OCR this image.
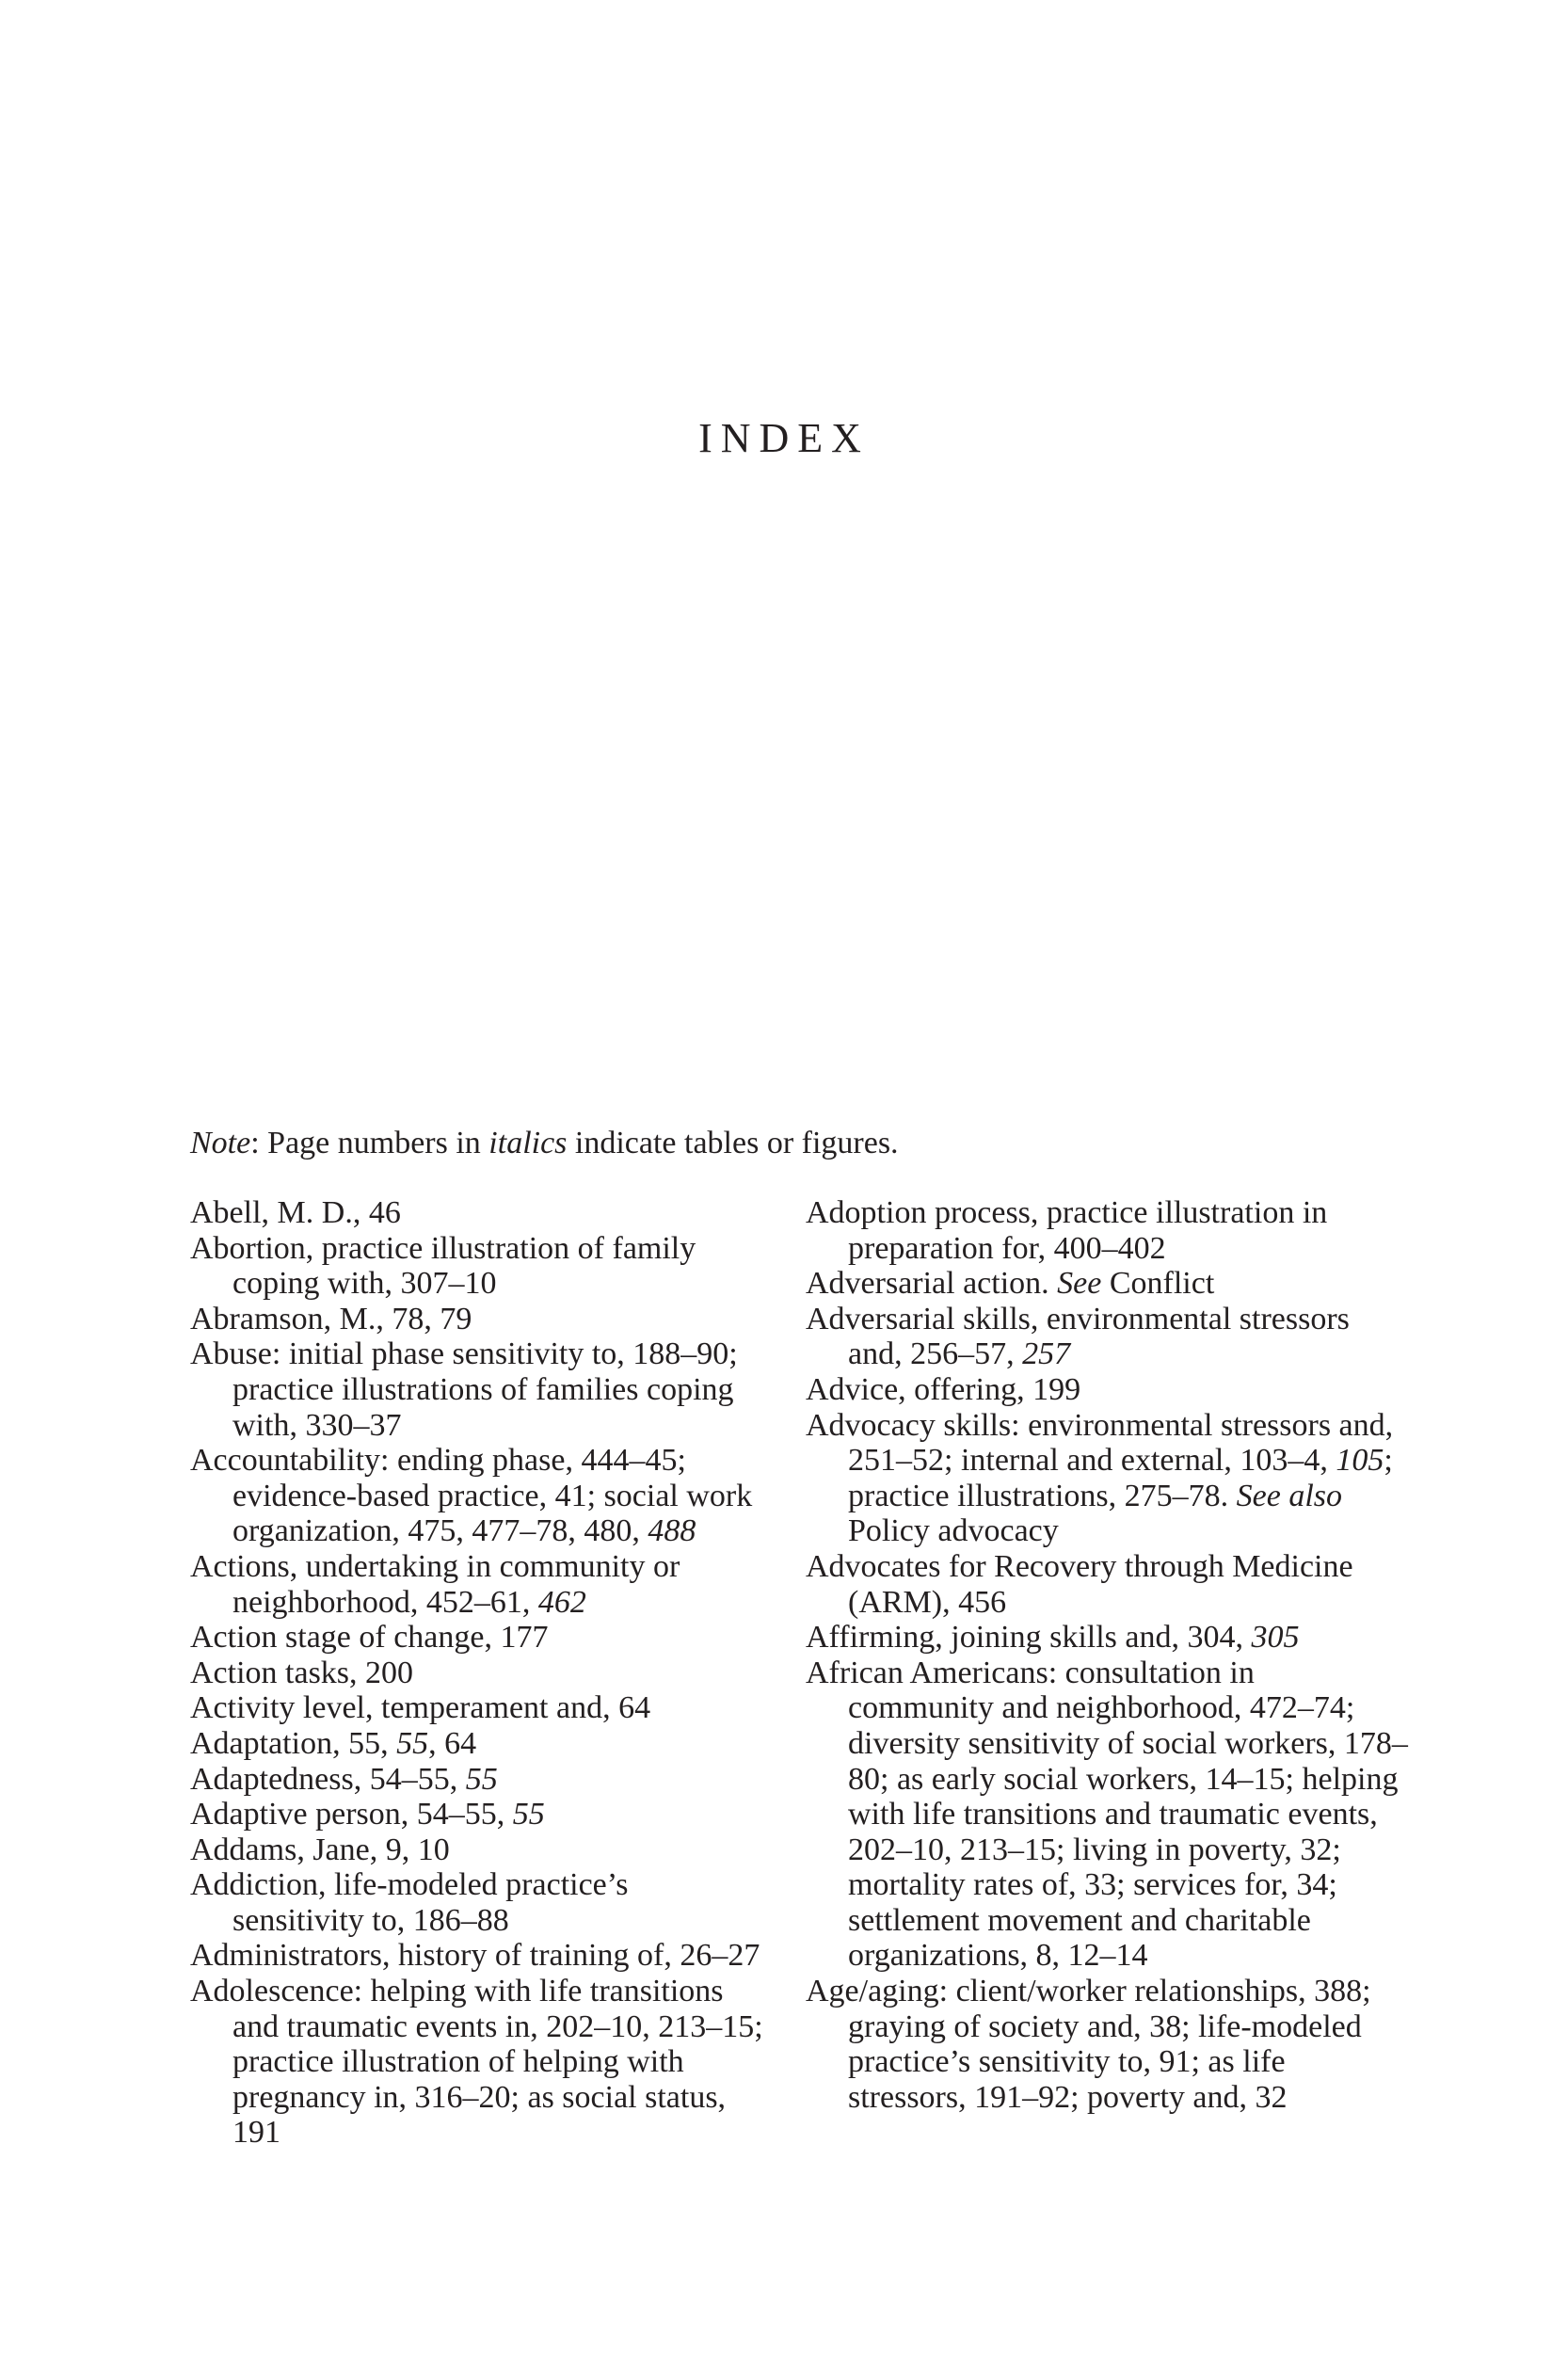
INDEX
Note: Page numbers in italics indicate tables or figures.

Abell, M. D., 46

Abortion, practice illustration of family coping with, 307–10

Abramson, M., 78, 79

Abuse: initial phase sensitivity to, 188–90; practice illustrations of families coping with, 330–37

Accountability: ending phase, 444–45; evidence-based practice, 41; social work organization, 475, 477–78, 480, 488

Actions, undertaking in community or neighborhood, 452–61, 462

Action stage of change, 177

Action tasks, 200

Activity level, temperament and, 64

Adaptation, 55, 55, 64

Adaptedness, 54–55, 55

Adaptive person, 54–55, 55

Addams, Jane, 9, 10

Addiction, life-modeled practice’s sensitivity to, 186–88

Administrators, history of training of, 26–27

Adolescence: helping with life transitions and traumatic events in, 202–10, 213–15; practice illustration of helping with pregnancy in, 316–20; as social status, 191

Adoption process, practice illustration in preparation for, 400–402

Adversarial action. See Conflict

Adversarial skills, environmental stressors and, 256–57, 257

Advice, offering, 199

Advocacy skills: environmental stressors and, 251–52; internal and external, 103–4, 105; practice illustrations, 275–78. See also Policy advocacy

Advocates for Recovery through Medicine (ARM), 456

Affirming, joining skills and, 304, 305

African Americans: consultation in community and neighborhood, 472–74; diversity sensitivity of social workers, 178–80; as early social workers, 14–15; helping with life transitions and traumatic events, 202–10, 213–15; living in poverty, 32; mortality rates of, 33; services for, 34; settlement movement and charitable organizations, 8, 12–14

Age/aging: client/worker relationships, 388; graying of society and, 38; life-modeled practice’s sensitivity to, 91; as life stressors, 191–92; poverty and, 32
